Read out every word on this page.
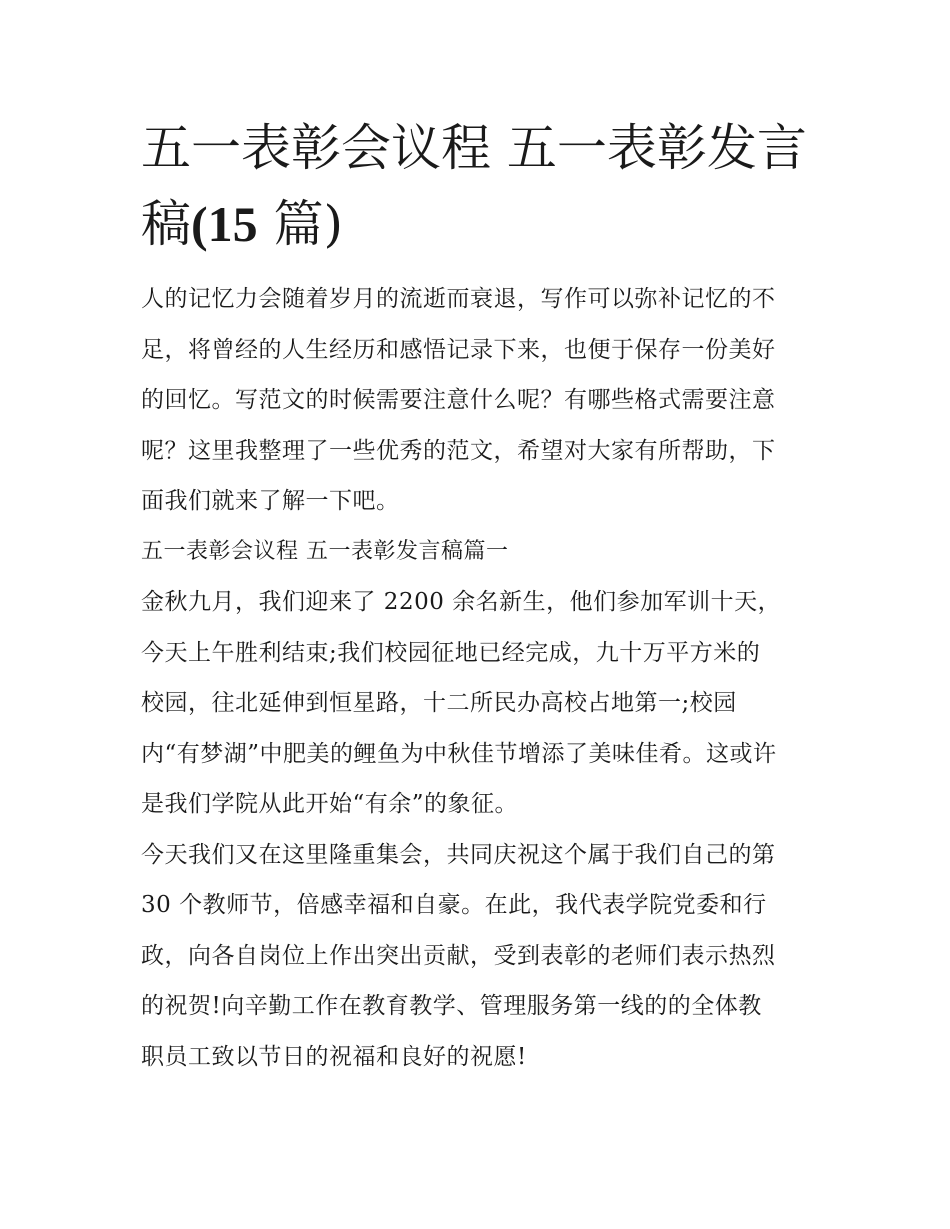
五一表彰会议程 五一表彰发言
稿(15 篇)

人的记忆力会随着岁月的流逝而衰退，写作可以弥补记忆的不
足，将曾经的人生经历和感悟记录下来，也便于保存一份美好
的回忆。写范文的时候需要注意什么呢？有哪些格式需要注意
呢？这里我整理了一些优秀的范文，希望对大家有所帮助，下
面我们就来了解一下吧。

五一表彰会议程 五一表彰发言稿篇一

金秋九月，我们迎来了 2200 余名新生，他们参加军训十天，
今天上午胜利结束;我们校园征地已经完成，九十万平方米的
校园，往北延伸到恒星路，十二所民办高校占地第一;校园
内“有梦湖”中肥美的鲤鱼为中秋佳节增添了美味佳肴。这或许
是我们学院从此开始“有余”的象征。

今天我们又在这里隆重集会，共同庆祝这个属于我们自己的第
30 个教师节，倍感幸福和自豪。在此，我代表学院党委和行
政，向各自岗位上作出突出贡献，受到表彰的老师们表示热烈
的祝贺!向辛勤工作在教育教学、管理服务第一线的的全体教
职员工致以节日的祝福和良好的祝愿!
